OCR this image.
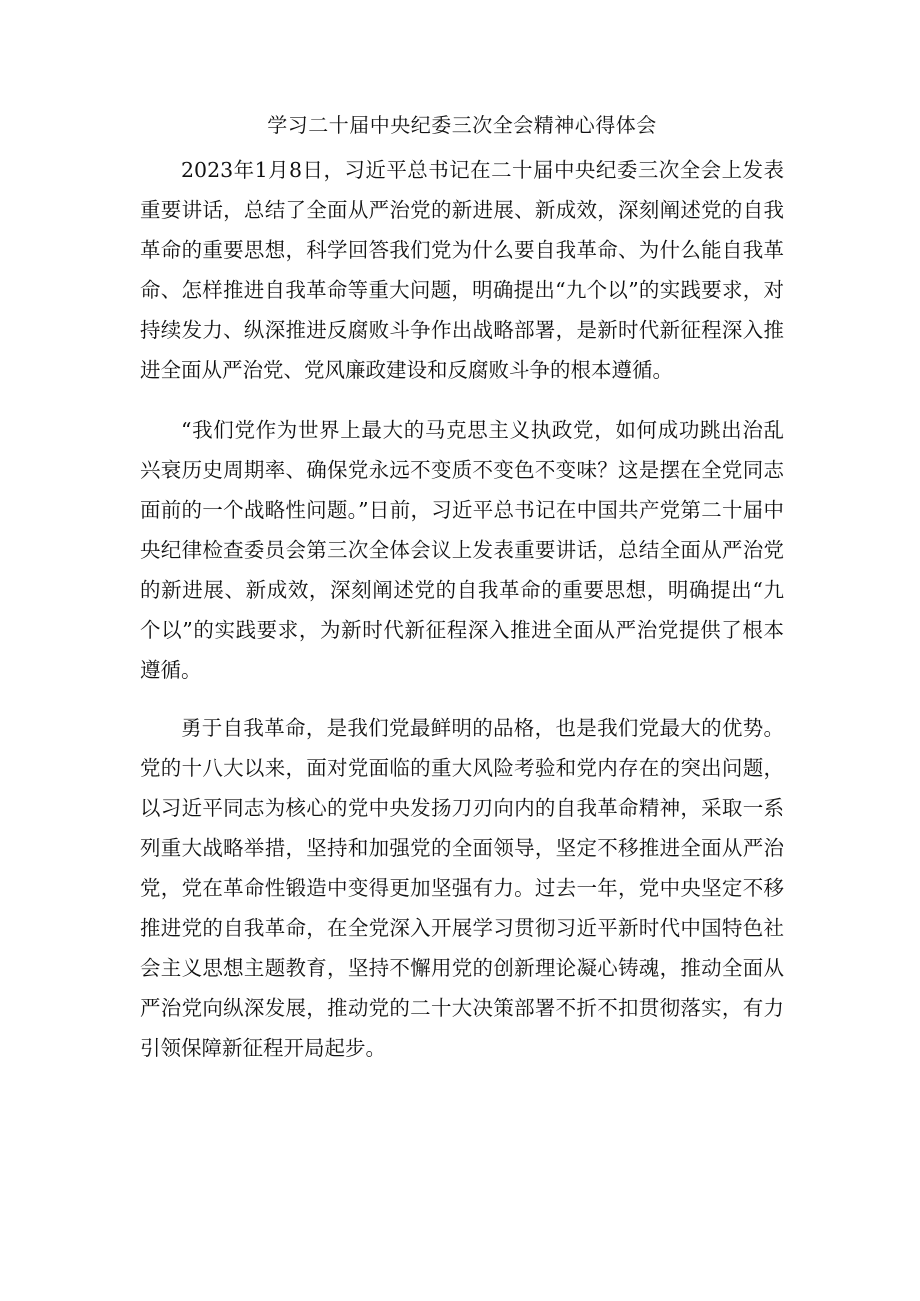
学习二十届中央纪委三次全会精神心得体会

2023年1月8日，习近平总书记在二十届中央纪委三次全会上发表重要讲话，总结了全面从严治党的新进展、新成效，深刻阐述党的自我革命的重要思想，科学回答我们党为什么要自我革命、为什么能自我革命、怎样推进自我革命等重大问题，明确提出“九个以”的实践要求，对持续发力、纵深推进反腐败斗争作出战略部署，是新时代新征程深入推进全面从严治党、党风廉政建设和反腐败斗争的根本遵循。

“我们党作为世界上最大的马克思主义执政党，如何成功跳出治乱兴衰历史周期率、确保党永远不变质不变色不变味？这是摆在全党同志面前的一个战略性问题。”日前，习近平总书记在中国共产党第二十届中央纪律检查委员会第三次全体会议上发表重要讲话，总结全面从严治党的新进展、新成效，深刻阐述党的自我革命的重要思想，明确提出“九个以”的实践要求，为新时代新征程深入推进全面从严治党提供了根本遵循。

勇于自我革命，是我们党最鲜明的品格，也是我们党最大的优势。党的十八大以来，面对党面临的重大风险考验和党内存在的突出问题，以习近平同志为核心的党中央发扬刀刃向内的自我革命精神，采取一系列重大战略举措，坚持和加强党的全面领导，坚定不移推进全面从严治党，党在革命性锻造中变得更加坚强有力。过去一年，党中央坚定不移推进党的自我革命，在全党深入开展学习贯彻习近平新时代中国特色社会主义思想主题教育，坚持不懈用党的创新理论凝心铸魂，推动全面从严治党向纵深发展，推动党的二十大决策部署不折不扣贯彻落实，有力引领保障新征程开局起步。
